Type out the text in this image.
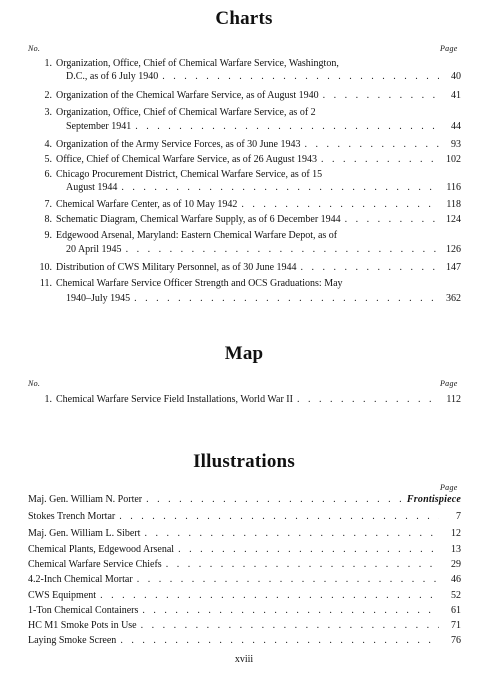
Charts
No.	Page
1. Organization, Office, Chief of Chemical Warfare Service, Washington,
D.C., as of 6 July 1940 . . .	40
2. Organization of the Chemical Warfare Service, as of August 1940 . . .	41
3. Organization, Office, Chief of Chemical Warfare Service, as of 2
September 1941 . . .	44
4. Organization of the Army Service Forces, as of 30 June 1943 . . .	93
5. Office, Chief of Chemical Warfare Service, as of 26 August 1943 . . .	102
6. Chicago Procurement District, Chemical Warfare Service, as of 15
August 1944 . . .	116
7. Chemical Warfare Center, as of 10 May 1942 . . .	118
8. Schematic Diagram, Chemical Warfare Supply, as of 6 December 1944 . . .	124
9. Edgewood Arsenal, Maryland: Eastern Chemical Warfare Depot, as of
20 April 1945 . . .	126
10. Distribution of CWS Military Personnel, as of 30 June 1944 . . .	147
11. Chemical Warfare Service Officer Strength and OCS Graduations: May
1940–July 1945 . . .	362
Map
No.	Page
1. Chemical Warfare Service Field Installations, World War II . . .	112
Illustrations
Page
Maj. Gen. William N. Porter . . .	Frontispiece
Stokes Trench Mortar . . .	7
Maj. Gen. William L. Sibert . . .	12
Chemical Plants, Edgewood Arsenal . . .	13
Chemical Warfare Service Chiefs . . .	29
4.2-Inch Chemical Mortar . . .	46
CWS Equipment . . .	52
1-Ton Chemical Containers . . .	61
HC M1 Smoke Pots in Use . . .	71
Laying Smoke Screen . . .	76
xviii
